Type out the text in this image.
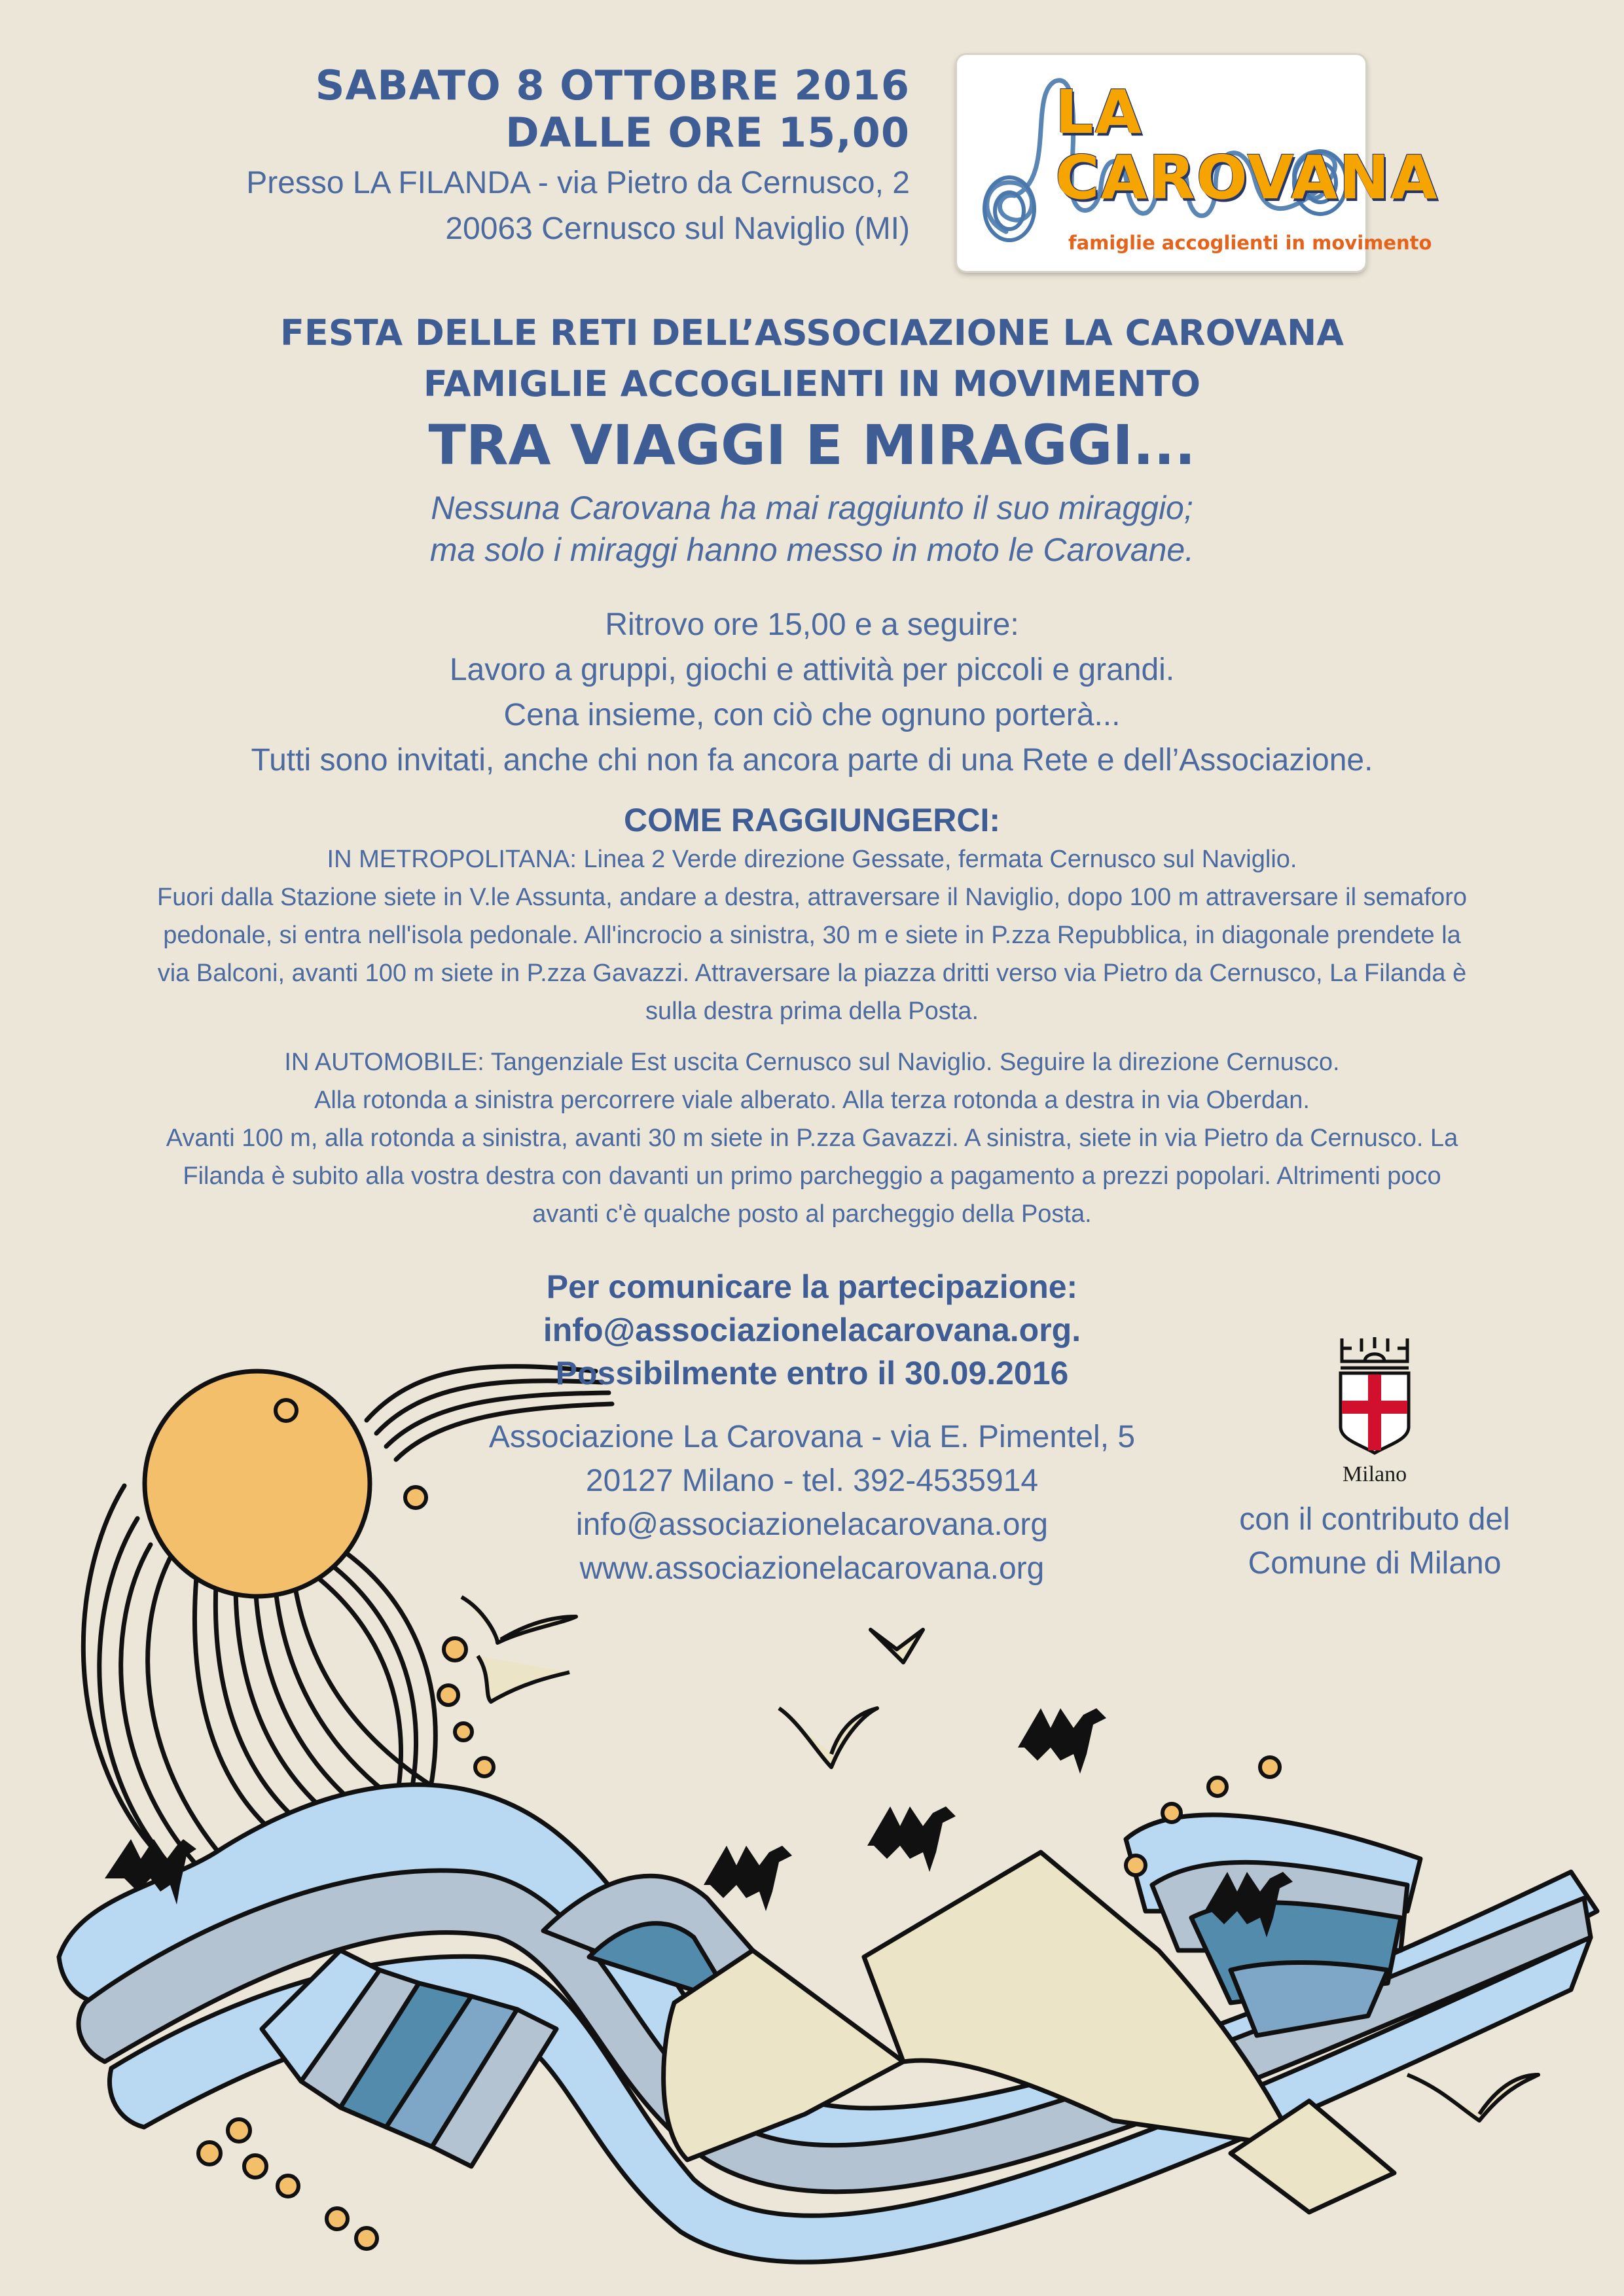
SABATO 8 OTTOBRE 2016
DALLE ORE 15,00
Presso LA FILANDA - via Pietro da Cernusco, 2
20063 Cernusco sul Naviglio (MI)
LA CAROVANA
famiglie accoglienti in movimento
FESTA DELLE RETI DELL’ASSOCIAZIONE LA CAROVANA
FAMIGLIE ACCOGLIENTI IN MOVIMENTO
TRA VIAGGI E MIRAGGI...
Nessuna Carovana ha mai raggiunto il suo miraggio;
ma solo i miraggi hanno messo in moto le Carovane.
Ritrovo ore 15,00 e a seguire:
Lavoro a gruppi, giochi e attività per piccoli e grandi.
Cena insieme, con ciò che ognuno porterà...
Tutti sono invitati, anche chi non fa ancora parte di una Rete e dell’Associazione.
COME RAGGIUNGERCI:
IN METROPOLITANA: Linea 2 Verde direzione Gessate, fermata Cernusco sul Naviglio.
Fuori dalla Stazione siete in V.le Assunta, andare a destra, attraversare il Naviglio, dopo 100 m attraversare il semaforo
pedonale, si entra nell'isola pedonale. All'incrocio a sinistra, 30 m e siete in P.zza Repubblica, in diagonale prendete la
via Balconi, avanti 100 m siete in P.zza Gavazzi. Attraversare la piazza dritti verso via Pietro da Cernusco, La Filanda è
sulla destra prima della Posta.
IN AUTOMOBILE: Tangenziale Est uscita Cernusco sul Naviglio. Seguire la direzione Cernusco.
Alla rotonda a sinistra percorrere viale alberato. Alla terza rotonda a destra in via Oberdan.
Avanti 100 m, alla rotonda a sinistra, avanti 30 m siete in P.zza Gavazzi. A sinistra, siete in via Pietro da Cernusco. La
Filanda è subito alla vostra destra con davanti un primo parcheggio a pagamento a prezzi popolari. Altrimenti poco
avanti c'è qualche posto al parcheggio della Posta.
Per comunicare la partecipazione:
info@associazionelacarovana.org.
Possibilmente entro il 30.09.2016
Associazione La Carovana - via E. Pimentel, 5
20127 Milano - tel. 392-4535914
info@associazionelacarovana.org
www.associazionelacarovana.org
Milano
con il contributo del
Comune di Milano
